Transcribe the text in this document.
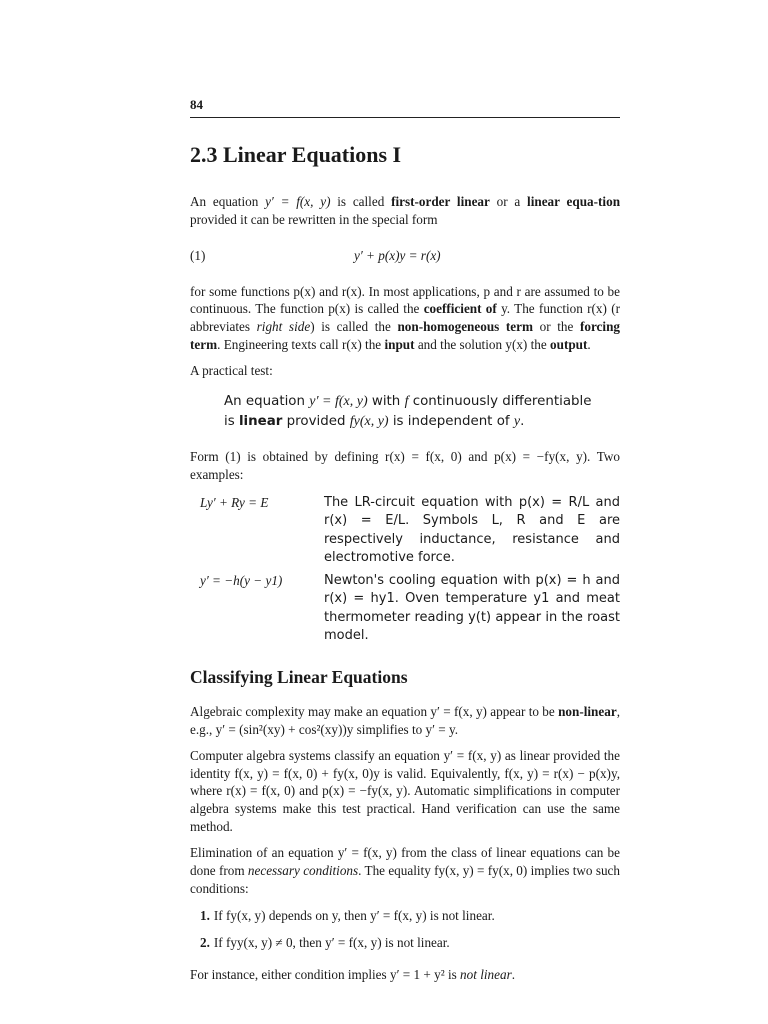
84
2.3 Linear Equations I

An equation y′ = f(x, y) is called first-order linear or a linear equa-tion provided it can be rewritten in the special form

(1)	y′ + p(x)y = r(x)

for some functions p(x) and r(x). In most applications, p and r are assumed to be continuous. The function p(x) is called the coefficient of y. The function r(x) (r abbreviates right side) is called the non-homogeneous term or the forcing term. Engineering texts call r(x) the input and the solution y(x) the output.

A practical test:

An equation y′ = f(x, y) with f continuously differentiable
is linear provided fy(x, y) is independent of y.

Form (1) is obtained by defining r(x) = f(x, 0) and p(x) = −fy(x, y). Two examples:

Ly′ + Ry = E	The LR-circuit equation with p(x) = R/L and r(x) = E/L. Symbols L, R and E are respectively inductance, resistance and electromotive force.
y′ = −h(y − y1)	Newton's cooling equation with p(x) = h and r(x) = hy1. Oven temperature y1 and meat thermometer reading y(t) appear in the roast model.
Classifying Linear Equations

Algebraic complexity may make an equation y′ = f(x, y) appear to be non-linear, e.g., y′ = (sin²(xy) + cos²(xy))y simplifies to y′ = y.

Computer algebra systems classify an equation y′ = f(x, y) as linear provided the identity f(x, y) = f(x, 0) + fy(x, 0)y is valid. Equivalently, f(x, y) = r(x) − p(x)y, where r(x) = f(x, 0) and p(x) = −fy(x, y). Automatic simplifications in computer algebra systems make this test practical. Hand verification can use the same method.

Elimination of an equation y′ = f(x, y) from the class of linear equations can be done from necessary conditions. The equality fy(x, y) = fy(x, 0) implies two such conditions:

1. If fy(x, y) depends on y, then y′ = f(x, y) is not linear.
2. If fyy(x, y) ≠ 0, then y′ = f(x, y) is not linear.

For instance, either condition implies y′ = 1 + y² is not linear.
